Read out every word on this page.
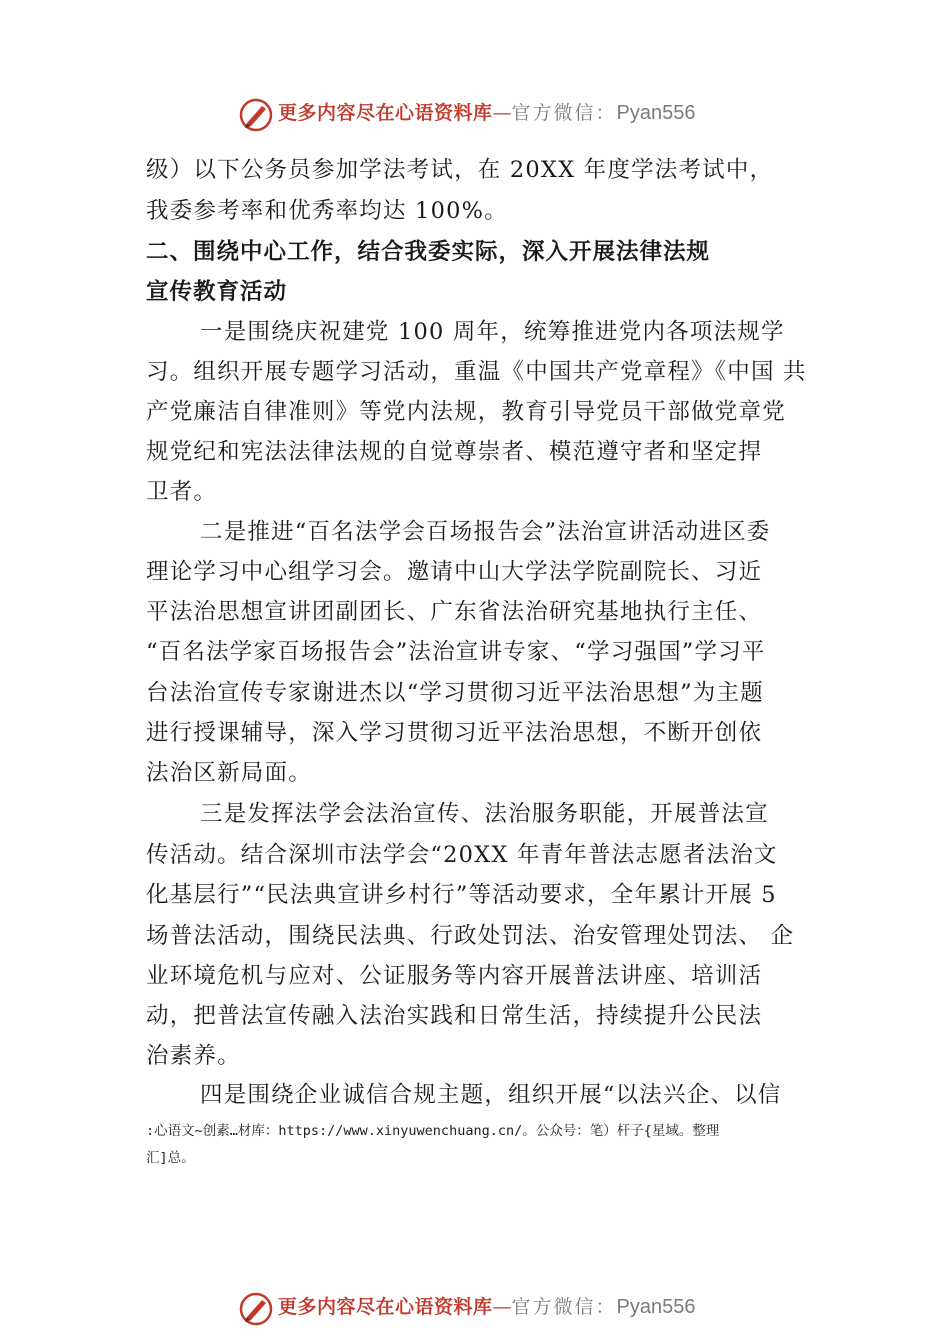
更多内容尽在心语资料库—官方微信：Pyan556
级）以下公务员参加学法考试，在 20XX 年度学法考试中，
我委参考率和优秀率均达 100%。
二、围绕中心工作，结合我委实际，深入开展法律法规
宣传教育活动
一是围绕庆祝建党 100 周年，统筹推进党内各项法规学
习。组织开展专题学习活动，重温《中国共产党章程》《中国 共
产党廉洁自律准则》等党内法规，教育引导党员干部做党章党
规党纪和宪法法律法规的自觉尊崇者、模范遵守者和坚定捍
卫者。
二是推进“百名法学会百场报告会”法治宣讲活动进区委
理论学习中心组学习会。邀请中山大学法学院副院长、习近
平法治思想宣讲团副团长、广东省法治研究基地执行主任、
“百名法学家百场报告会”法治宣讲专家、“学习强国”学习平
台法治宣传专家谢进杰以“学习贯彻习近平法治思想”为主题
进行授课辅导，深入学习贯彻习近平法治思想，不断开创依
法治区新局面。
三是发挥法学会法治宣传、法治服务职能，开展普法宣
传活动。结合深圳市法学会“20XX 年青年普法志愿者法治文
化基层行”“民法典宣讲乡村行”等活动要求，全年累计开展 5
场普法活动，围绕民法典、行政处罚法、治安管理处罚法、 企
业环境危机与应对、公证服务等内容开展普法讲座、培训活
动，把普法宣传融入法治实践和日常生活，持续提升公民法
治素养。
四是围绕企业诚信合规主题，组织开展“以法兴企、以信
:心语文~创素…材库：https://www.xinyuwenchuang.cn/。公众号：笔）杆子{星域。整理
汇]总。
更多内容尽在心语资料库—官方微信：Pyan556
